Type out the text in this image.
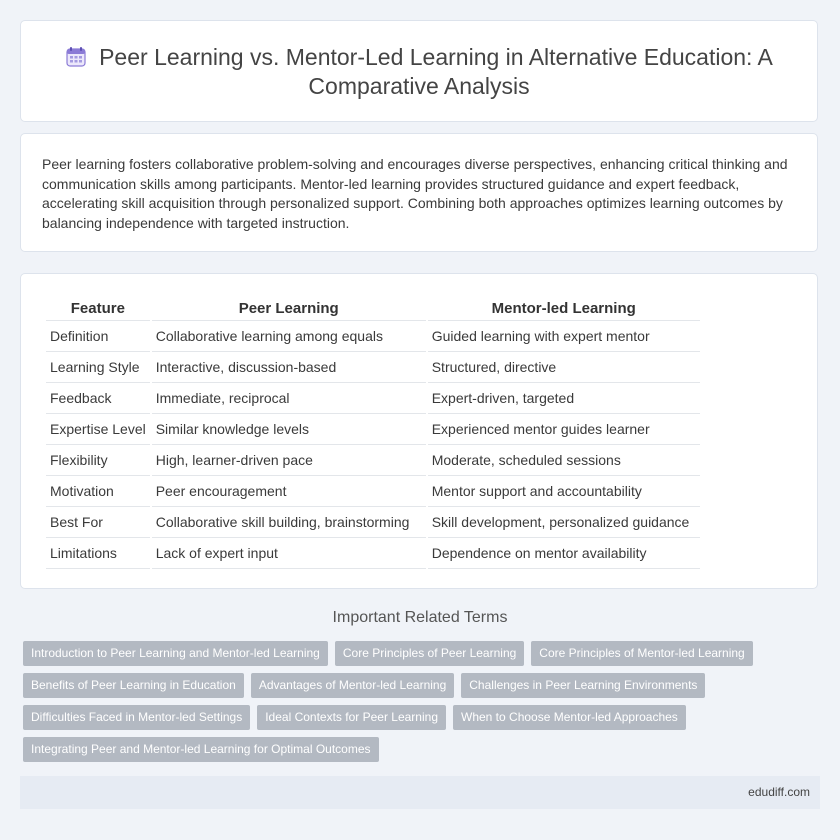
Peer Learning vs. Mentor-Led Learning in Alternative Education: A Comparative Analysis
Peer learning fosters collaborative problem-solving and encourages diverse perspectives, enhancing critical thinking and communication skills among participants. Mentor-led learning provides structured guidance and expert feedback, accelerating skill acquisition through personalized support. Combining both approaches optimizes learning outcomes by balancing independence with targeted instruction.
Feature	Peer Learning	Mentor-led Learning
Definition	Collaborative learning among equals	Guided learning with expert mentor
Learning Style	Interactive, discussion-based	Structured, directive
Feedback	Immediate, reciprocal	Expert-driven, targeted
Expertise Level	Similar knowledge levels	Experienced mentor guides learner
Flexibility	High, learner-driven pace	Moderate, scheduled sessions
Motivation	Peer encouragement	Mentor support and accountability
Best For	Collaborative skill building, brainstorming	Skill development, personalized guidance
Limitations	Lack of expert input	Dependence on mentor availability
Important Related Terms
Introduction to Peer Learning and Mentor-led Learning	Core Principles of Peer Learning	Core Principles of Mentor-led Learning
Benefits of Peer Learning in Education	Advantages of Mentor-led Learning	Challenges in Peer Learning Environments
Difficulties Faced in Mentor-led Settings	Ideal Contexts for Peer Learning	When to Choose Mentor-led Approaches
Integrating Peer and Mentor-led Learning for Optimal Outcomes
edudiff.com
